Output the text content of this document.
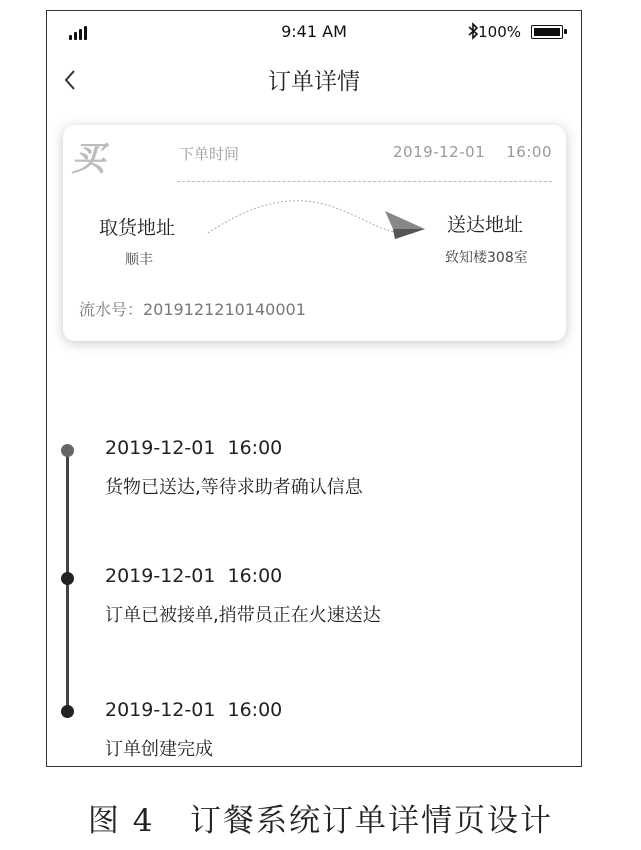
9:41 AM	100%
订单详情
买	下单时间	2019-12-01    16:00
取货地址
顺丰
送达地址
致知楼308室
流水号：2019121210140001
2019-12-01  16:00
货物已送达,等待求助者确认信息
2019-12-01  16:00
订单已被接单,捎带员正在火速送达
2019-12-01  16:00
订单创建完成
图 4   订餐系统订单详情页设计
